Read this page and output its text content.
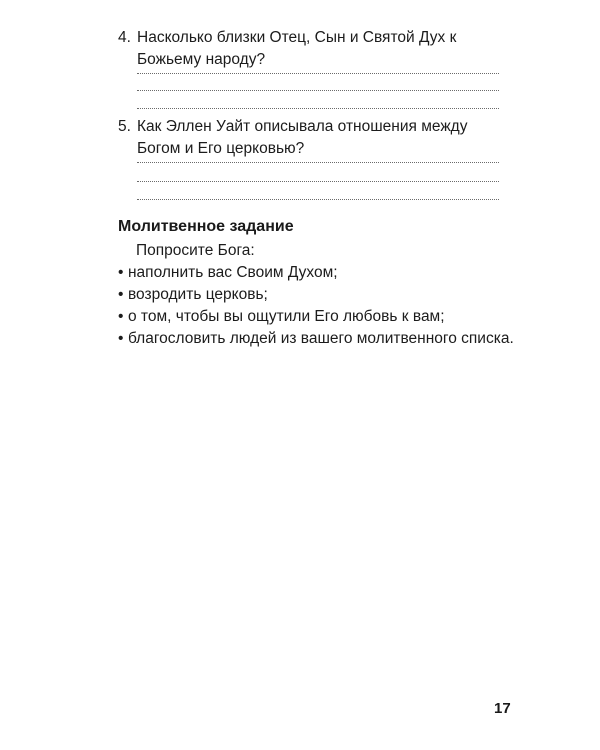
4. Насколько близки Отец, Сын и Святой Дух к Божьему народу?
5. Как Эллен Уайт описывала отношения между Богом и Его церковью?
Молитвенное задание
Попросите Бога:
• наполнить вас Своим Духом;
• возродить церковь;
• о том, чтобы вы ощутили Его любовь к вам;
• благословить людей из вашего молитвенного списка.
17
